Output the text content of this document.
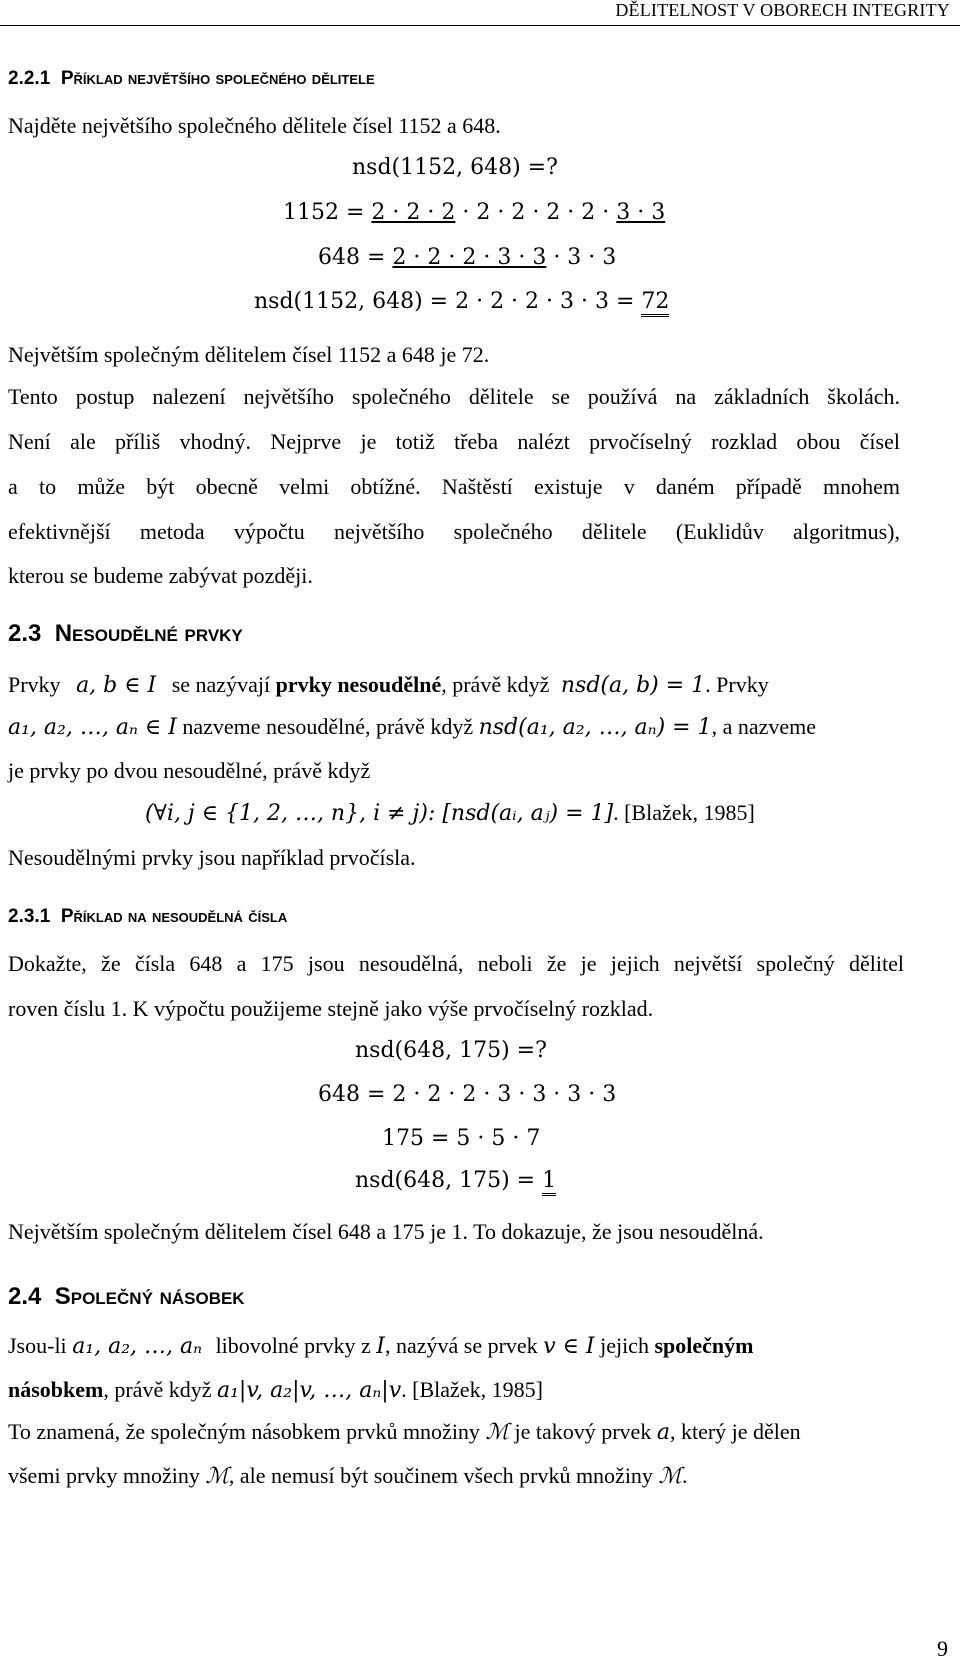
DĚLITELNOST V OBORECH INTEGRITY
2.2.1 Příklad největšího společného dělitele
Najděte největšího společného dělitele čísel 1152 a 648.
nsd(1152, 648) =?
1152 = 2 · 2 · 2 · 2 · 2 · 2 · 2 · 3 · 3
648 = 2 · 2 · 2 · 3 · 3 · 3 · 3
nsd(1152, 648) = 2 · 2 · 2 · 3 · 3 = 72
Největším společným dělitelem čísel 1152 a 648 je 72.
Tento postup nalezení největšího společného dělitele se používá na základních školách.
Není ale příliš vhodný. Nejprve je totiž třeba nalézt prvočíselný rozklad obou čísel
a to může být obecně velmi obtížné. Naštěstí existuje v daném případě mnohem
efektivnější metoda výpočtu největšího společného dělitele (Euklidův algoritmus),
kterou se budeme zabývat později.
2.3 Nesoudělné prvky
Prvky a, b ∈ I se nazývají prvky nesoudělné, právě když nsd(a, b) = 1. Prvky
a₁, a₂, …, aₙ ∈ I nazveme nesoudělné, právě když nsd(a₁, a₂, …, aₙ) = 1, a nazveme
je prvky po dvou nesoudělné, právě když
(∀i, j ∈ {1, 2, …, n}, i ≠ j): [nsd(aᵢ, aⱼ) = 1]. [Blažek, 1985]
Nesoudělnými prvky jsou například prvočísla.
2.3.1 Příklad na nesoudělná čísla
Dokažte, že čísla 648 a 175 jsou nesoudělná, neboli že je jejich největší společný dělitel
roven číslu 1. K výpočtu použijeme stejně jako výše prvočíselný rozklad.
nsd(648, 175) =?
648 = 2 · 2 · 2 · 3 · 3 · 3 · 3
175 = 5 · 5 · 7
nsd(648, 175) = 1
Největším společným dělitelem čísel 648 a 175 je 1. To dokazuje, že jsou nesoudělná.
2.4 Společný násobek
Jsou-li a₁, a₂, …, aₙ libovolné prvky z I, nazývá se prvek v ∈ I jejich společným
násobkem, právě když a₁|v, a₂|v, …, aₙ|v. [Blažek, 1985]
To znamená, že společným násobkem prvků množiny ℳ je takový prvek a, který je dělen
všemi prvky množiny ℳ, ale nemusí být součinem všech prvků množiny ℳ.
9
